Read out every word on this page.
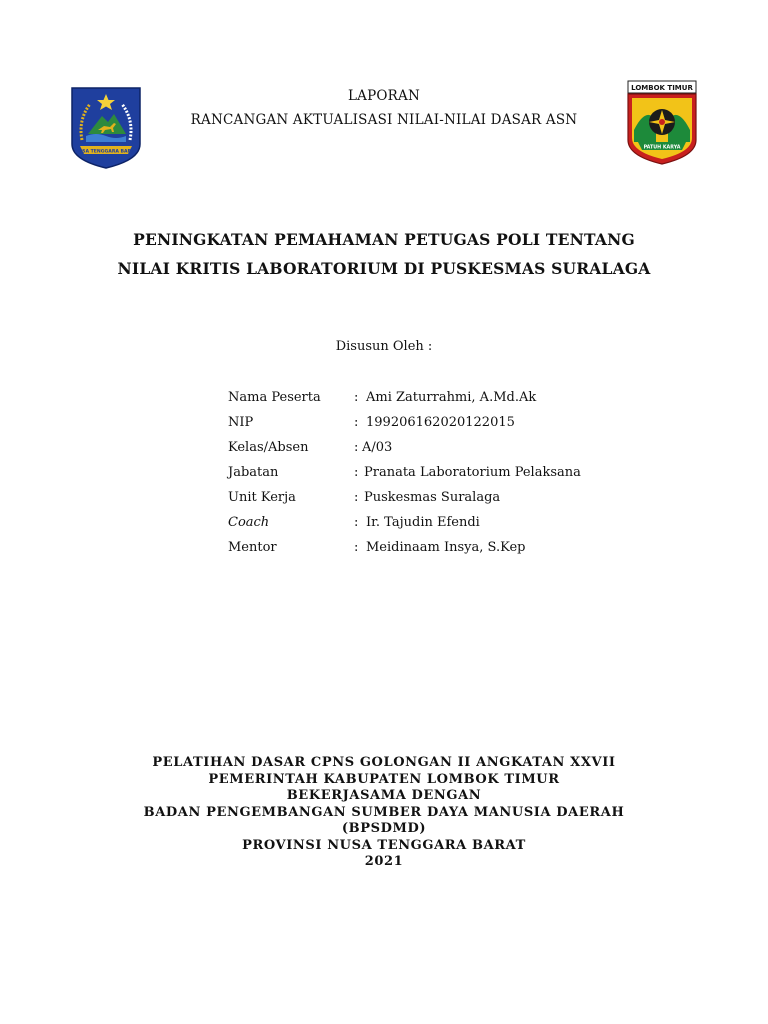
NUSA TENGGARA BARAT
LOMBOK TIMUR
PATUH KARYA
LAPORAN
RANCANGAN AKTUALISASI NILAI-NILAI DASAR ASN
PENINGKATAN PEMAHAMAN PETUGAS POLI TENTANG
NILAI KRITIS LABORATORIUM DI PUSKESMAS SURALAGA
Disusun Oleh :
Nama Peserta	: Ami Zaturrahmi, A.Md.Ak
NIP	: 199206162020122015
Kelas/Absen	: A/03
Jabatan	: Pranata Laboratorium Pelaksana
Unit Kerja	: Puskesmas Suralaga
Coach	: Ir. Tajudin Efendi
Mentor	: Meidinaam Insya, S.Kep
PELATIHAN DASAR CPNS GOLONGAN II ANGKATAN XXVII
PEMERINTAH KABUPATEN LOMBOK TIMUR
BEKERJASAMA DENGAN
BADAN PENGEMBANGAN SUMBER DAYA MANUSIA DAERAH
(BPSDMD)
PROVINSI NUSA TENGGARA BARAT
2021
